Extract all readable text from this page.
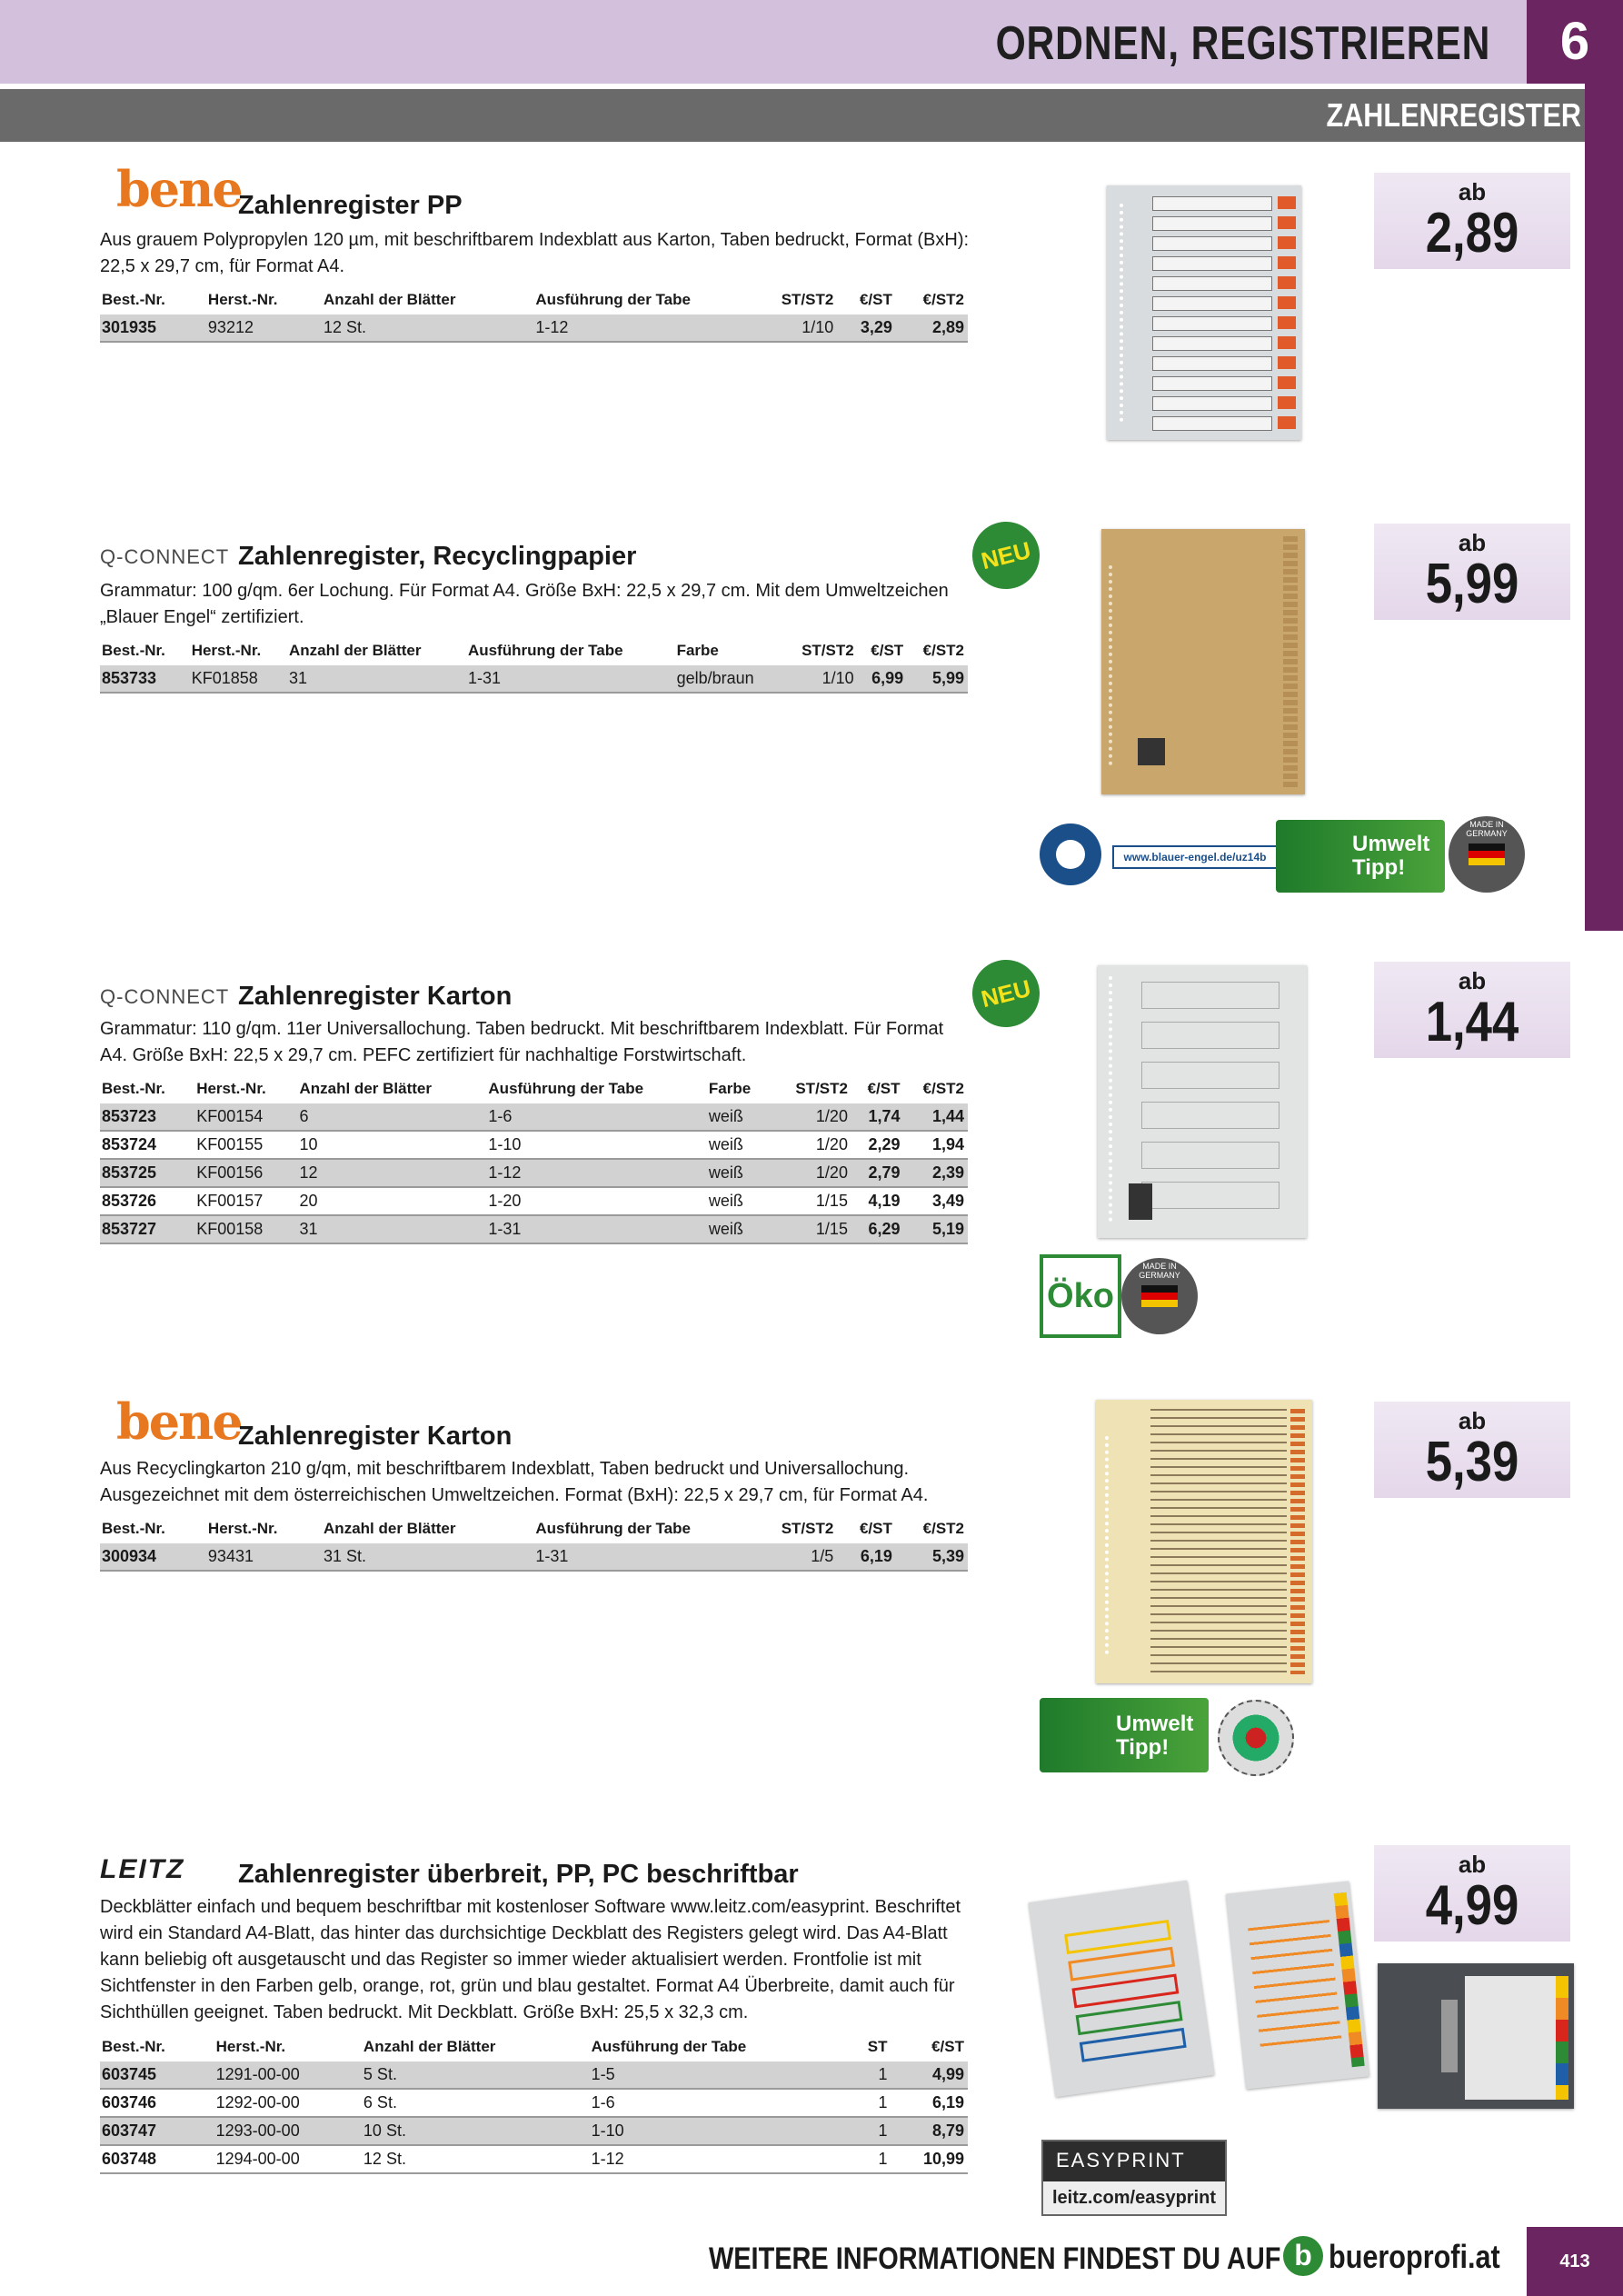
ORDNEN, REGISTRIEREN	6
ZAHLENREGISTER
bene
Zahlenregister PP
Aus grauem Polypropylen 120 µm, mit beschriftbarem Indexblatt aus Karton, Taben bedruckt, Format (BxH): 22,5 x 29,7 cm, für Format A4.
Best.-Nr.	Herst.-Nr.	Anzahl der Blätter	Ausführung der Tabe	ST/ST2	€/ST	€/ST2
301935	93212	12 St.	1-12	1/10	3,29	2,89
ab
2,89
Q-CONNECT Zahlenregister, Recyclingpapier
Grammatur: 100 g/qm. 6er Lochung. Für Format A4. Größe BxH: 22,5 x 29,7 cm. Mit dem Umweltzeichen „Blauer Engel“ zertifiziert.
Best.-Nr.	Herst.-Nr.	Anzahl der Blätter	Ausführung der Tabe	Farbe	ST/ST2	€/ST	€/ST2
853733	KF01858	31	1-31	gelb/braun	1/10	6,99	5,99
NEU	ab
5,99
www.blauer-engel.de/uz14b
Umwelt Tipp!
MADE IN GERMANY
Q-CONNECT Zahlenregister Karton
Grammatur: 110 g/qm. 11er Universallochung. Taben bedruckt. Mit beschriftbarem Indexblatt. Für Format A4. Größe BxH: 22,5 x 29,7 cm. PEFC zertifiziert für nachhaltige Forstwirtschaft.
Best.-Nr.	Herst.-Nr.	Anzahl der Blätter	Ausführung der Tabe	Farbe	ST/ST2	€/ST	€/ST2
853723	KF00154	6	1-6	weiß	1/20	1,74	1,44
853724	KF00155	10	1-10	weiß	1/20	2,29	1,94
853725	KF00156	12	1-12	weiß	1/20	2,79	2,39
853726	KF00157	20	1-20	weiß	1/15	4,19	3,49
853727	KF00158	31	1-31	weiß	1/15	6,29	5,19
NEU	ab
1,44
Öko
MADE IN GERMANY
bene
Zahlenregister Karton
Aus Recyclingkarton 210 g/qm, mit beschriftbarem Indexblatt, Taben bedruckt und Universallochung. Ausgezeichnet mit dem österreichischen Umweltzeichen. Format (BxH): 22,5 x 29,7 cm, für Format A4.
Best.-Nr.	Herst.-Nr.	Anzahl der Blätter	Ausführung der Tabe	ST/ST2	€/ST	€/ST2
300934	93431	31 St.	1-31	1/5	6,19	5,39
ab
5,39
Umwelt Tipp!
LEITZ Zahlenregister überbreit, PP, PC beschriftbar
Deckblätter einfach und bequem beschriftbar mit kostenloser Software www.leitz.com/easyprint. Beschriftet wird ein Standard A4-Blatt, das hinter das durchsichtige Deckblatt des Registers gelegt wird. Das A4-Blatt kann beliebig oft ausgetauscht und das Register so immer wieder aktualisiert werden. Frontfolie ist mit Sichtfenster in den Farben gelb, orange, rot, grün und blau gestaltet. Format A4 Überbreite, damit auch für Sichthüllen geeignet. Taben bedruckt. Mit Deckblatt. Größe BxH: 25,5 x 32,3 cm.
Best.-Nr.	Herst.-Nr.	Anzahl der Blätter	Ausführung der Tabe	ST	€/ST
603745	1291-00-00	5 St.	1-5	1	4,99
603746	1292-00-00	6 St.	1-6	1	6,19
603747	1293-00-00	10 St.	1-10	1	8,79
603748	1294-00-00	12 St.	1-12	1	10,99
ab
4,99
EASYPRINT
leitz.com/easyprint
WEITERE INFORMATIONEN FINDEST DU AUF b bueroprofi.at	413
